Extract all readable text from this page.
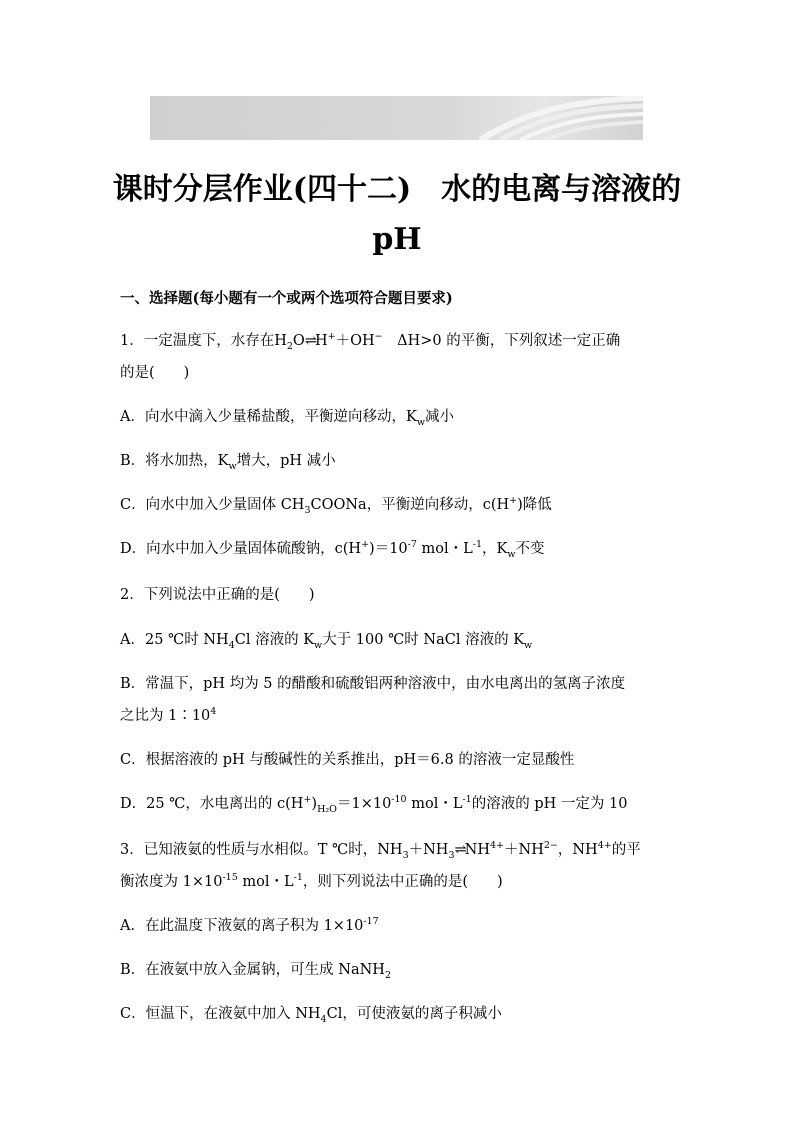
课时分层作业(四十二)　水的电离与溶液的
pH
一、选择题(每小题有一个或两个选项符合题目要求)
1．一定温度下，水存在$H_2O\rightleftharpoons H^++OH^-$　ΔH>0 的平衡，下列叙述一定正确
的是(　　)
A．向水中滴入少量稀盐酸，平衡逆向移动，$K_w$减小
B．将水加热，$K_w$增大，pH 减小
C．向水中加入少量固体 $CH_3COONa$，平衡逆向移动，c(H+)降低
D．向水中加入少量固体硫酸钠，$c(H^+)=10^{-7}$ mol・$L^{-1}$，$K_w$不变
2．下列说法中正确的是(　　)
A．25 ℃时 $NH_4Cl$ 溶液的 $K_w$大于 100 ℃时 NaCl 溶液的 $K_w$
B．常温下，pH 均为 5 的醋酸和硫酸铝两种溶液中，由水电离出的氢离子浓度
之比为 $1∶10^4$
C．根据溶液的 pH 与酸碱性的关系推出，pH＝6.8 的溶液一定显酸性
D．25 ℃，水电离出的 $c(H^+)_{H_2O}=1\times 10^{-10}$ mol・$L^{-1}$的溶液的 pH 一定为 10
3．已知液氨的性质与水相似。T ℃时，$NH_3+NH_3\rightleftharpoons NH^{4+}+NH^{2-}$，$NH^{4+}$的平
衡浓度为 $1\times 10^{-15}$ mol・$L^{-1}$，则下列说法中正确的是(　　)
A．在此温度下液氨的离子积为 $1\times 10^{-17}$
B．在液氨中放入金属钠，可生成 NaNH$_2$
C．恒温下，在液氨中加入 $NH_4Cl$，可使液氨的离子积减小
